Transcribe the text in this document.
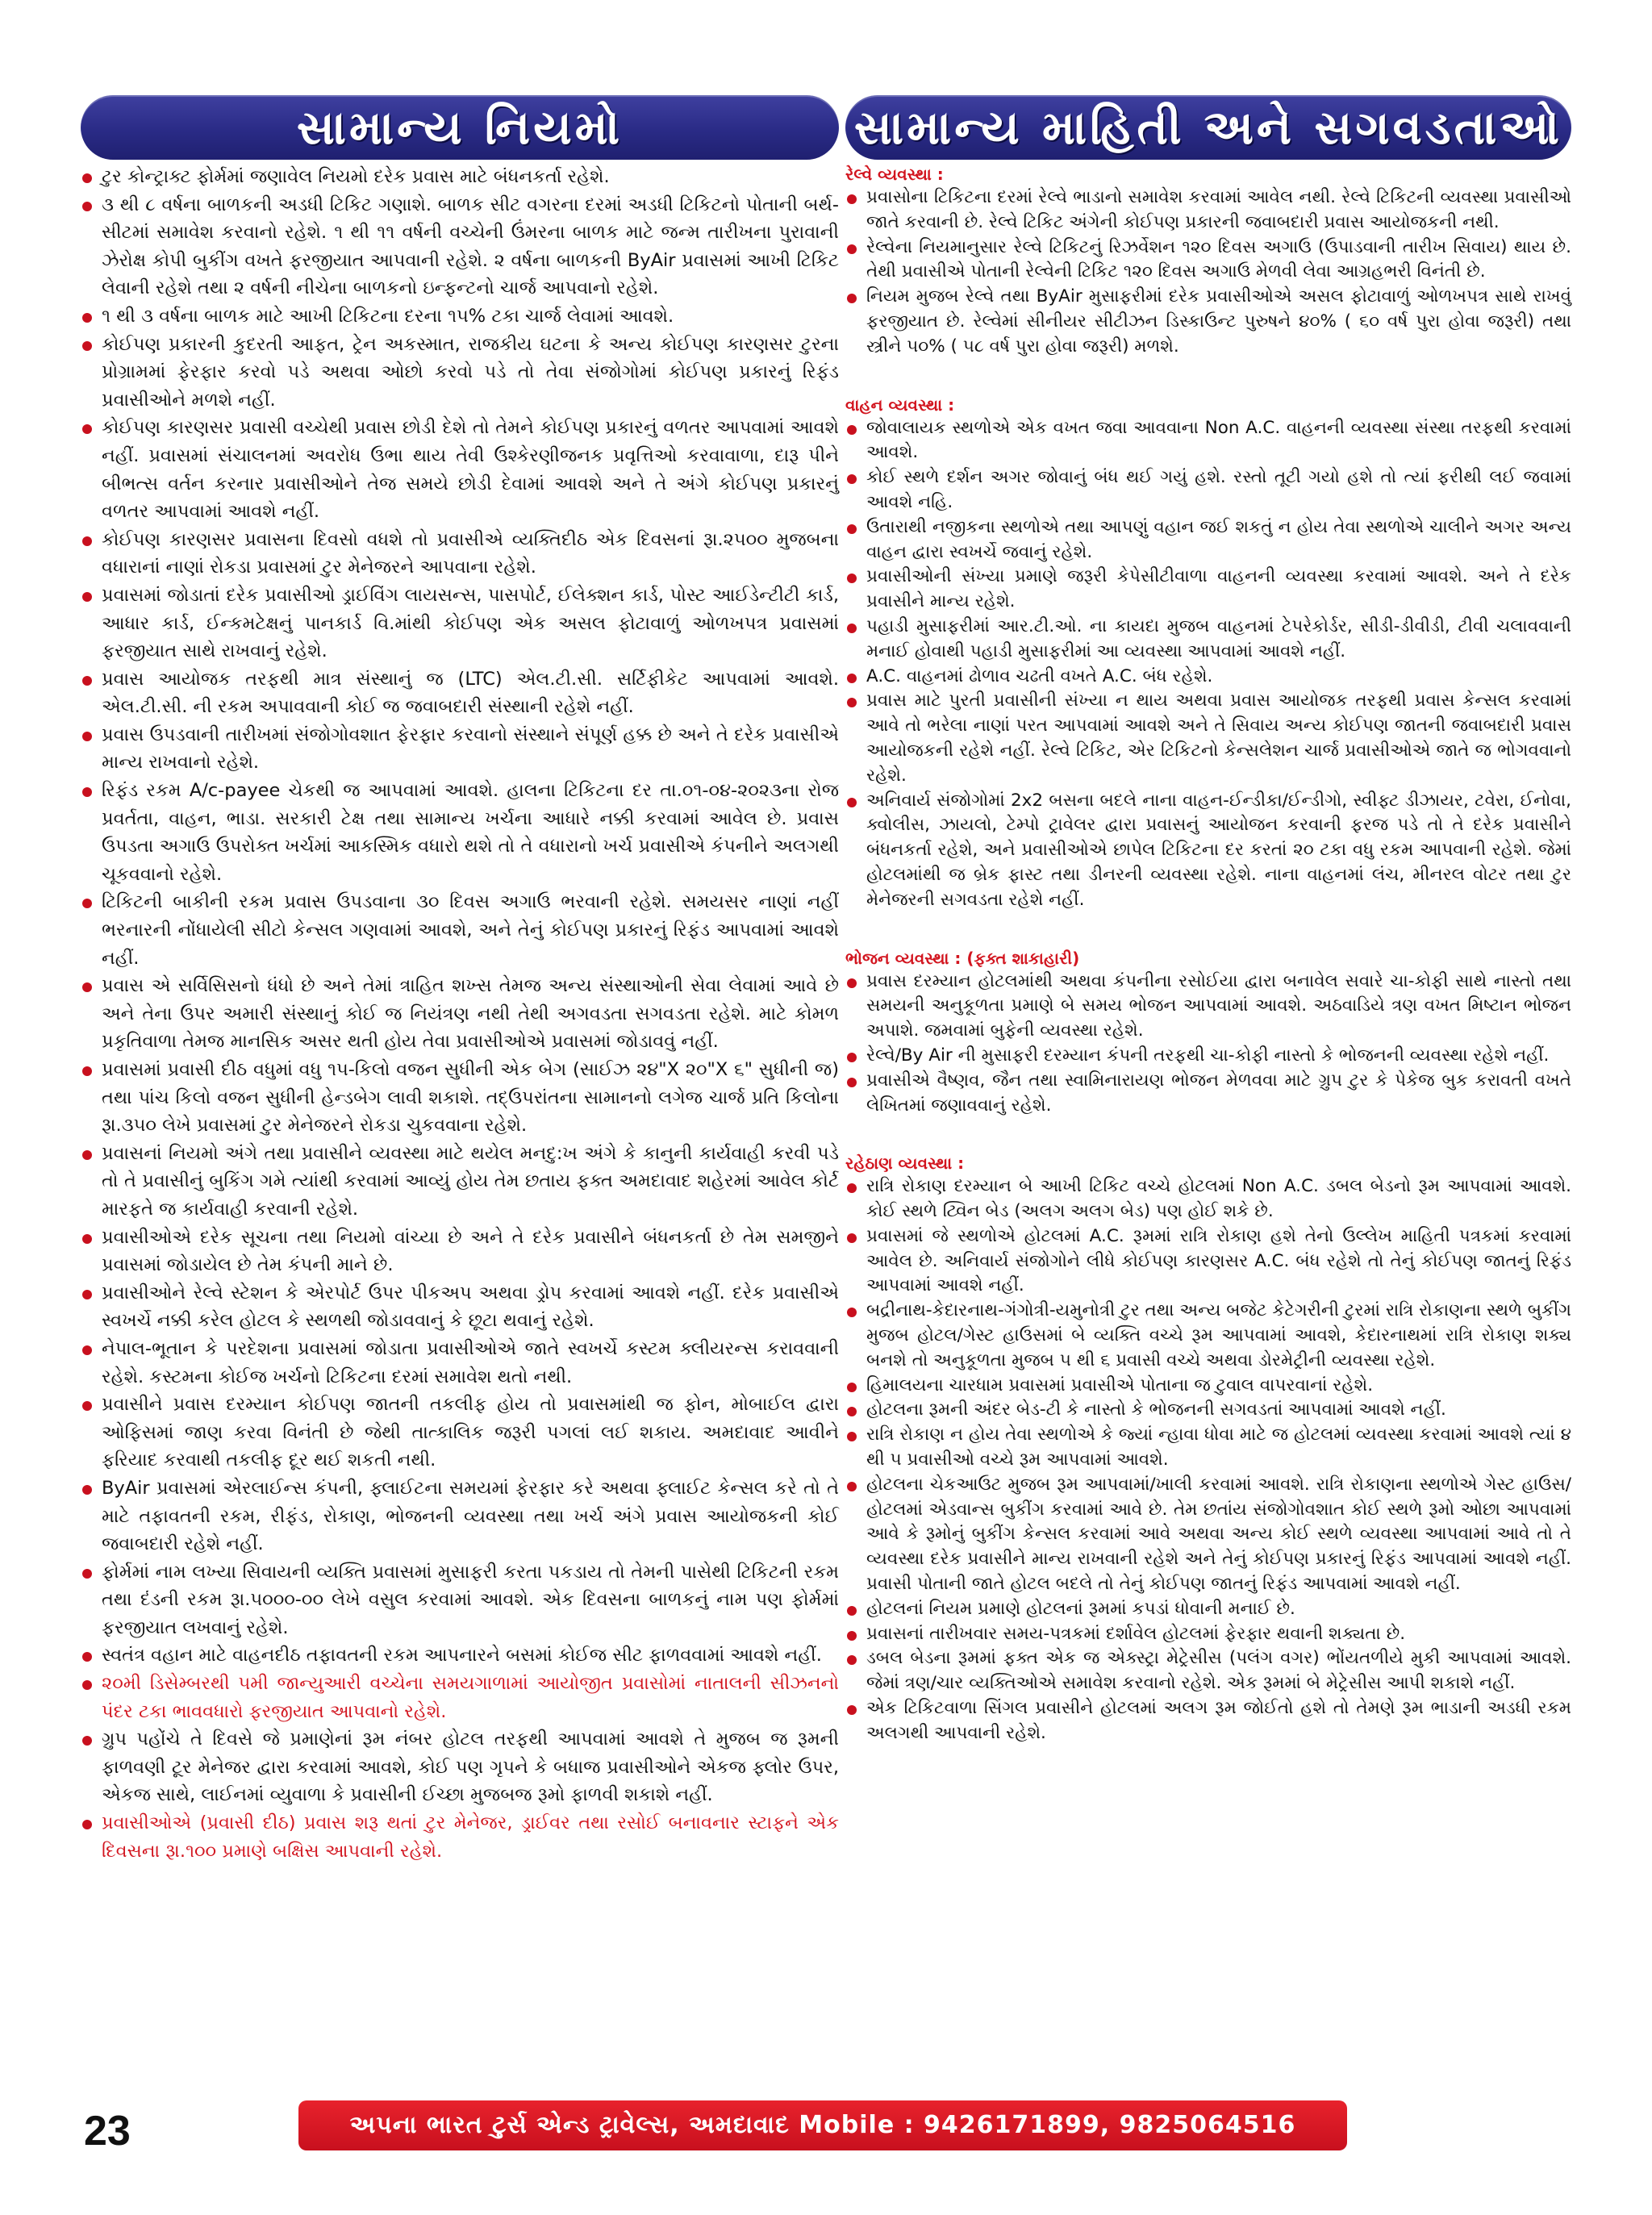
સામાન્ય નિયમો
ટુર કોન્ટ્રાક્ટ ફોર્મમાં જણાવેલ નિયમો દરેક પ્રવાસ માટે બંધનકર્તા રહેશે.
૩ થી ૮ વર્ષના બાળકની અડધી ટિકિટ ગણાશે. બાળક સીટ વગરના દરમાં અડધી ટિકિટનો પોતાની બર્થ-સીટમાં સમાવેશ કરવાનો રહેશે. ૧ થી ૧૧ વર્ષની વચ્ચેની ઉંમરના બાળક માટે જન્મ તારીખના પુરાવાની ઝેરોક્ષ કોપી બુકીંગ વખતે ફરજીયાત આપવાની રહેશે. ૨ વર્ષના બાળકની ByAir પ્રવાસમાં આખી ટિકિટ લેવાની રહેશે તથા ૨ વર્ષની નીચેના બાળકનો ઇન્ફન્ટનો ચાર્જ આપવાનો રહેશે.
૧ થી ૩ વર્ષના બાળક માટે આખી ટિકિટના દરના ૧૫% ટકા ચાર્જ લેવામાં આવશે.
કોઈપણ પ્રકારની કુદરતી આફત, ટ્રેન અકસ્માત, રાજકીય ઘટના કે અન્ય કોઈપણ કારણસર ટુરના પ્રોગ્રામમાં ફેરફાર કરવો પડે અથવા ઓછો કરવો પડે તો તેવા સંજોગોમાં કોઈપણ પ્રકારનું રિફંડ પ્રવાસીઓને મળશે નહીં.
કોઈપણ કારણસર પ્રવાસી વચ્ચેથી પ્રવાસ છોડી દેશે તો તેમને કોઈપણ પ્રકારનું વળતર આપવામાં આવશે નહીં. પ્રવાસમાં સંચાલનમાં અવરોધ ઉભા થાય તેવી ઉશ્કેરણીજનક પ્રવૃત્તિઓ કરવાવાળા, દારૂ પીને બીભત્સ વર્તન કરનાર પ્રવાસીઓને તેજ સમયે છોડી દેવામાં આવશે અને તે અંગે કોઈપણ પ્રકારનું વળતર આપવામાં આવશે નહીં.
કોઈપણ કારણસર પ્રવાસના દિવસો વધશે તો પ્રવાસીએ વ્યક્તિદીઠ એક દિવસનાં રૂા.૨૫૦૦ મુજબના વધારાનાં નાણાં રોકડા પ્રવાસમાં ટુર મેનેજરને આપવાના રહેશે.
પ્રવાસમાં જોડાતાં દરેક પ્રવાસીઓ ડ્રાઈવિંગ લાયસન્સ, પાસપોર્ટ, ઈલેક્શન કાર્ડ, પોસ્ટ આઈડેન્ટીટી કાર્ડ, આધાર કાર્ડ, ઈન્કમટેક્ષનું પાનકાર્ડ વિ.માંથી કોઈપણ એક અસલ ફોટાવાળું ઓળખપત્ર પ્રવાસમાં ફરજીયાત સાથે રાખવાનું રહેશે.
પ્રવાસ આયોજક તરફથી માત્ર સંસ્થાનું જ (LTC) એલ.ટી.સી. સર્ટિફીકેટ આપવામાં આવશે. એલ.ટી.સી. ની રકમ અપાવવાની કોઈ જ જવાબદારી સંસ્થાની રહેશે નહીં.
પ્રવાસ ઉપડવાની તારીખમાં સંજોગોવશાત ફેરફાર કરવાનો સંસ્થાને સંપૂર્ણ હક્ક છે અને તે દરેક પ્રવાસીએ માન્ય રાખવાનો રહેશે.
રિફંડ રકમ A/c-payee ચેકથી જ આપવામાં આવશે. હાલના ટિકિટના દર તા.૦૧-૦૪-૨૦૨૩ના રોજ પ્રવર્તતા, વાહન, ભાડા. સરકારી ટેક્ષ તથા સામાન્ય ખર્ચના આધારે નક્કી કરવામાં આવેલ છે. પ્રવાસ ઉપડતા અગાઉ ઉપરોક્ત ખર્ચમાં આકસ્મિક વધારો થશે તો તે વધારાનો ખર્ચ પ્રવાસીએ કંપનીને અલગથી ચૂકવવાનો રહેશે.
ટિકિટની બાકીની રકમ પ્રવાસ ઉપડવાના ૩૦ દિવસ અગાઉ ભરવાની રહેશે. સમયસર નાણાં નહીં ભરનારની નોંધાયેલી સીટો કેન્સલ ગણવામાં આવશે, અને તેનું કોઈપણ પ્રકારનું રિફંડ આપવામાં આવશે નહીં.
પ્રવાસ એ સર્વિસિસનો ધંધો છે અને તેમાં ત્રાહિત શખ્સ તેમજ અન્ય સંસ્થાઓની સેવા લેવામાં આવે છે અને તેના ઉપર અમારી સંસ્થાનું કોઈ જ નિયંત્રણ નથી તેથી અગવડતા સગવડતા રહેશે. માટે કોમળ પ્રકૃતિવાળા તેમજ માનસિક અસર થતી હોય તેવા પ્રવાસીઓએ પ્રવાસમાં જોડાવવું નહીં.
પ્રવાસમાં પ્રવાસી દીઠ વધુમાં વધુ ૧૫-કિલો વજન સુધીની એક બેગ (સાઈઝ ૨૪"X ૨૦"X ૬" સુધીની જ) તથા પાંચ કિલો વજન સુધીની હેન્ડબેગ લાવી શકાશે. તદ્ઉપરાંતના સામાનનો લગેજ ચાર્જ પ્રતિ કિલોના રૂા.૩૫૦ લેખે પ્રવાસમાં ટુર મેનેજરને રોકડા ચુકવવાના રહેશે.
પ્રવાસનાં નિયમો અંગે તથા પ્રવાસીને વ્યવસ્થા માટે થયેલ મનદુ:ખ અંગે કે કાનુની કાર્યવાહી કરવી પડે તો તે પ્રવાસીનું બુકિંગ ગમે ત્યાંથી કરવામાં આવ્યું હોય તેમ છતાય ફક્ત અમદાવાદ શહેરમાં આવેલ કોર્ટ મારફતે જ કાર્યવાહી કરવાની રહેશે.
પ્રવાસીઓએ દરેક સૂચના તથા નિયમો વાંચ્યા છે અને તે દરેક પ્રવાસીને બંધનકર્તા છે તેમ સમજીને પ્રવાસમાં જોડાયેલ છે તેમ કંપની માને છે.
પ્રવાસીઓને રેલ્વે સ્ટેશન કે એરપોર્ટ ઉપર પીકઅપ અથવા ડ્રોપ કરવામાં આવશે નહીં. દરેક પ્રવાસીએ સ્વખર્ચે નક્કી કરેલ હોટલ કે સ્થળથી જોડાવવાનું કે છૂટા થવાનું રહેશે.
નેપાલ-ભૂતાન કે પરદેશના પ્રવાસમાં જોડાતા પ્રવાસીઓએ જાતે સ્વખર્ચે કસ્ટમ ક્લીયરન્સ કરાવવાની રહેશે. કસ્ટમના કોઈજ ખર્ચનો ટિકિટના દરમાં સમાવેશ થતો નથી.
પ્રવાસીને પ્રવાસ દરમ્યાન કોઈપણ જાતની તકલીફ હોય તો પ્રવાસમાંથી જ ફોન, મોબાઈલ દ્વારા ઓફિસમાં જાણ કરવા વિનંતી છે જેથી તાત્કાલિક જરૂરી પગલાં લઈ શકાય. અમદાવાદ આવીને ફરિયાદ કરવાથી તકલીફ દૂર થઈ શકતી નથી.
ByAir પ્રવાસમાં એરલાઈન્સ કંપની, ફ્લાઈટના સમયમાં ફેરફાર કરે અથવા ફ્લાઈટ કેન્સલ કરે તો તે માટે તફાવતની રકમ, રીફંડ, રોકાણ, ભોજનની વ્યવસ્થા તથા ખર્ચ અંગે પ્રવાસ આયોજકની કોઈ જવાબદારી રહેશે નહીં.
ફોર્મમાં નામ લખ્યા સિવાયની વ્યક્તિ પ્રવાસમાં મુસાફરી કરતા પકડાય તો તેમની પાસેથી ટિકિટની રકમ તથા દંડની રકમ રૂા.૫૦૦૦-૦૦ લેખે વસુલ કરવામાં આવશે. એક દિવસના બાળકનું નામ પણ ફોર્મમાં ફરજીયાત લખવાનું રહેશે.
સ્વતંત્ર વહાન માટે વાહનદીઠ તફાવતની રકમ આપનારને બસમાં કોઈજ સીટ ફાળવવામાં આવશે નહીં.
૨૦મી ડિસેમ્બરથી ૫મી જાન્યુઆરી વચ્ચેના સમયગાળામાં આયોજીત પ્રવાસોમાં નાતાલની સીઝનનો પંદર ટકા ભાવવધારો ફરજીયાત આપવાનો રહેશે.
ગ્રુપ પહોંચે તે દિવસે જે પ્રમાણેનાં રૂમ નંબર હોટલ તરફથી આપવામાં આવશે તે મુજબ જ રૂમની ફાળવણી ટૂર મેનેજર દ્વારા કરવામાં આવશે, કોઈ પણ ગૃપને કે બધાજ પ્રવાસીઓને એકજ ફ્લોર ઉપર, એકજ સાથે, લાઈનમાં વ્યુવાળા કે પ્રવાસીની ઈચ્છા મુજબજ રૂમો ફાળવી શકાશે નહીં.
પ્રવાસીઓએ (પ્રવાસી દીઠ) પ્રવાસ શરૂ થતાં ટુર મેનેજર, ડ્રાઈવર તથા રસોઈ બનાવનાર સ્ટાફને એક દિવસના રૂા.૧૦૦ પ્રમાણે બક્ષિસ આપવાની રહેશે.
સામાન્ય માહિતી અને સગવડતાઓ
રેલ્વે વ્યવસ્થા :
પ્રવાસોના ટિકિટના દરમાં રેલ્વે ભાડાનો સમાવેશ કરવામાં આવેલ નથી. રેલ્વે ટિકિટની વ્યવસ્થા પ્રવાસીઓ જાતે કરવાની છે. રેલ્વે ટિકિટ અંગેની કોઈપણ પ્રકારની જવાબદારી પ્રવાસ આયોજકની નથી.
રેલ્વેના નિયમાનુસાર રેલ્વે ટિકિટનું રિઝર્વેશન ૧૨૦ દિવસ અગાઉ (ઉપાડવાની તારીખ સિવાય) થાય છે. તેથી પ્રવાસીએ પોતાની રેલ્વેની ટિકિટ ૧૨૦ દિવસ અગાઉ મેળવી લેવા આગ્રહભરી વિનંતી છે.
નિયમ મુજબ રેલ્વે તથા ByAir મુસાફરીમાં દરેક પ્રવાસીઓએ અસલ ફોટાવાળું ઓળખપત્ર સાથે રાખવું ફરજીયાત છે. રેલ્વેમાં સીનીયર સીટીઝન ડિસ્કાઉન્ટ પુરુષને ૪૦% ( ૬૦ વર્ષ પુરા હોવા જરૂરી) તથા સ્ત્રીને ૫૦% ( ૫૮ વર્ષ પુરા હોવા જરૂરી) મળશે.
વાહન વ્યવસ્થા :
જોવાલાયક સ્થળોએ એક વખત જવા આવવાના Non A.C. વાહનની વ્યવસ્થા સંસ્થા તરફથી કરવામાં આવશે.
કોઈ સ્થળે દર્શન અગર જોવાનું બંધ થઈ ગયું હશે. રસ્તો તૂટી ગયો હશે તો ત્યાં ફરીથી લઈ જવામાં આવશે નહિ.
ઉતારાથી નજીકના સ્થળોએ તથા આપણું વહાન જઈ શકતું ન હોય તેવા સ્થળોએ ચાલીને અગર અન્ય વાહન દ્વારા સ્વખર્ચે જવાનું રહેશે.
પ્રવાસીઓની સંખ્યા પ્રમાણે જરૂરી કેપેસીટીવાળા વાહનની વ્યવસ્થા કરવામાં આવશે. અને તે દરેક પ્રવાસીને માન્ય રહેશે.
પહાડી મુસાફરીમાં આર.ટી.ઓ. ના કાયદા મુજબ વાહનમાં ટેપરેકોર્ડર, સીડી-ડીવીડી, ટીવી ચલાવવાની મનાઈ હોવાથી પહાડી મુસાફરીમાં આ વ્યવસ્થા આપવામાં આવશે નહીં.
A.C. વાહનમાં ઢોળાવ ચઢતી વખતે A.C. બંધ રહેશે.
પ્રવાસ માટે પુરતી પ્રવાસીની સંખ્યા ન થાય અથવા પ્રવાસ આયોજક તરફથી પ્રવાસ કેન્સલ કરવામાં આવે તો ભરેલા નાણાં પરત આપવામાં આવશે અને તે સિવાય અન્ય કોઈપણ જાતની જવાબદારી પ્રવાસ આયોજકની રહેશે નહીં. રેલ્વે ટિકિટ, એર ટિકિટનો કેન્સલેશન ચાર્જ પ્રવાસીઓએ જાતે જ ભોગવવાનો રહેશે.
અનિવાર્ય સંજોગોમાં 2x2 બસના બદલે નાના વાહન-ઈન્ડીકા/ઈન્ડીગો, સ્વીફ્ટ ડીઝાયર, ટવેરા, ઈનોવા, ક્વોલીસ, ઝાયલો, ટેમ્પો ટ્રાવેલર દ્વારા પ્રવાસનું આયોજન કરવાની ફરજ પડે તો તે દરેક પ્રવાસીને બંધનકર્તા રહેશે, અને પ્રવાસીઓએ છાપેલ ટિકિટના દર કરતાં ૨૦ ટકા વધુ રકમ આપવાની રહેશે. જેમાં હોટલમાંથી જ બ્રેક ફાસ્ટ તથા ડીનરની વ્યવસ્થા રહેશે. નાના વાહનમાં લંચ, મીનરલ વોટર તથા ટુર મેનેજરની સગવડતા રહેશે નહીં.
ભોજન વ્યવસ્થા : (ફક્ત શાકાહારી)
પ્રવાસ દરમ્યાન હોટલમાંથી અથવા કંપનીના રસોઈયા દ્વારા બનાવેલ સવારે ચા-કોફી સાથે નાસ્તો તથા સમયની અનુકૂળતા પ્રમાણે બે સમય ભોજન આપવામાં આવશે. અઠવાડિયે ત્રણ વખત મિષ્ટાન ભોજન અપાશે. જમવામાં બુફેની વ્યવસ્થા રહેશે.
રેલ્વે/By Air ની મુસાફરી દરમ્યાન કંપની તરફથી ચા-કોફી નાસ્તો કે ભોજનની વ્યવસ્થા રહેશે નહીં.
પ્રવાસીએ વૈષ્ણવ, જૈન તથા સ્વામિનારાયણ ભોજન મેળવવા માટે ગ્રુપ ટુર કે પેકેજ બુક કરાવતી વખતે લેખિતમાં જણાવવાનું રહેશે.
રહેઠાણ વ્યવસ્થા :
રાત્રિ રોકાણ દરમ્યાન બે આખી ટિકિટ વચ્ચે હોટલમાં Non A.C. ડબલ બેડનો રૂમ આપવામાં આવશે. કોઈ સ્થળે ટ્વિન બેડ (અલગ અલગ બેડ) પણ હોઈ શકે છે.
પ્રવાસમાં જે સ્થળોએ હોટલમાં A.C. રૂમમાં રાત્રિ રોકાણ હશે તેનો ઉલ્લેખ માહિતી પત્રકમાં કરવામાં આવેલ છે. અનિવાર્ય સંજોગોને લીધે કોઈપણ કારણસર A.C. બંધ રહેશે તો તેનું કોઈપણ જાતનું રિફંડ આપવામાં આવશે નહીં.
બદ્રીનાથ-કેદારનાથ-ગંગોત્રી-યમુનોત્રી ટુર તથા અન્ય બજેટ કેટેગરીની ટુરમાં રાત્રિ રોકાણના સ્થળે બુકીંગ મુજબ હોટલ/ગેસ્ટ હાઉસમાં બે વ્યક્તિ વચ્ચે રૂમ આપવામાં આવશે, કેદારનાથમાં રાત્રિ રોકાણ શક્ય બનશે તો અનુકૂળતા મુજબ ૫ થી ૬ પ્રવાસી વચ્ચે અથવા ડોરમેટ્રીની વ્યવસ્થા રહેશે.
હિમાલયના ચારધામ પ્રવાસમાં પ્રવાસીએ પોતાના જ ટુવાલ વાપરવાનાં રહેશે.
હોટલના રૂમની અંદર બેડ-ટી કે નાસ્તો કે ભોજનની સગવડતાં આપવામાં આવશે નહીં.
રાત્રિ રોકાણ ન હોય તેવા સ્થળોએ કે જ્યાં ન્હાવા ધોવા માટે જ હોટલમાં વ્યવસ્થા કરવામાં આવશે ત્યાં ૪ થી ૫ પ્રવાસીઓ વચ્ચે રૂમ આપવામાં આવશે.
હોટલના ચેકઆઉટ મુજબ રૂમ આપવામાં/ખાલી કરવામાં આવશે. રાત્રિ રોકાણના સ્થળોએ ગેસ્ટ હાઉસ/હોટલમાં એડવાન્સ બુકીંગ કરવામાં આવે છે. તેમ છતાંય સંજોગોવશાત કોઈ સ્થળે રૂમો ઓછા આપવામાં આવે કે રૂમોનું બુકીંગ કેન્સલ કરવામાં આવે અથવા અન્ય કોઈ સ્થળે વ્યવસ્થા આપવામાં આવે તો તે વ્યવસ્થા દરેક પ્રવાસીને માન્ય રાખવાની રહેશે અને તેનું કોઈપણ પ્રકારનું રિફંડ આપવામાં આવશે નહીં. પ્રવાસી પોતાની જાતે હોટલ બદલે તો તેનું કોઈપણ જાતનું રિફંડ આપવામાં આવશે નહીં.
હોટલનાં નિયમ પ્રમાણે હોટલનાં રૂમમાં કપડાં ધોવાની મનાઈ છે.
પ્રવાસનાં તારીખવાર સમય-પત્રકમાં દર્શાવેલ હોટલમાં ફેરફાર થવાની શક્યતા છે.
ડબલ બેડના રૂમમાં ફક્ત એક જ એક્સ્ટ્રા મેટ્રેસીસ (પલંગ વગર) ભોંયતળીયે મુકી આપવામાં આવશે. જેમાં ત્રણ/ચાર વ્યક્તિઓએ સમાવેશ કરવાનો રહેશે. એક રૂમમાં બે મેટ્રેસીસ આપી શકાશે નહીં.
એક ટિકિટવાળા સિંગલ પ્રવાસીને હોટલમાં અલગ રૂમ જોઈતો હશે તો તેમણે રૂમ ભાડાની અડધી રકમ અલગથી આપવાની રહેશે.
23	અપના ભારત ટુર્સ એન્ડ ટ્રાવેલ્સ, અમદાવાદ Mobile : 9426171899, 9825064516
